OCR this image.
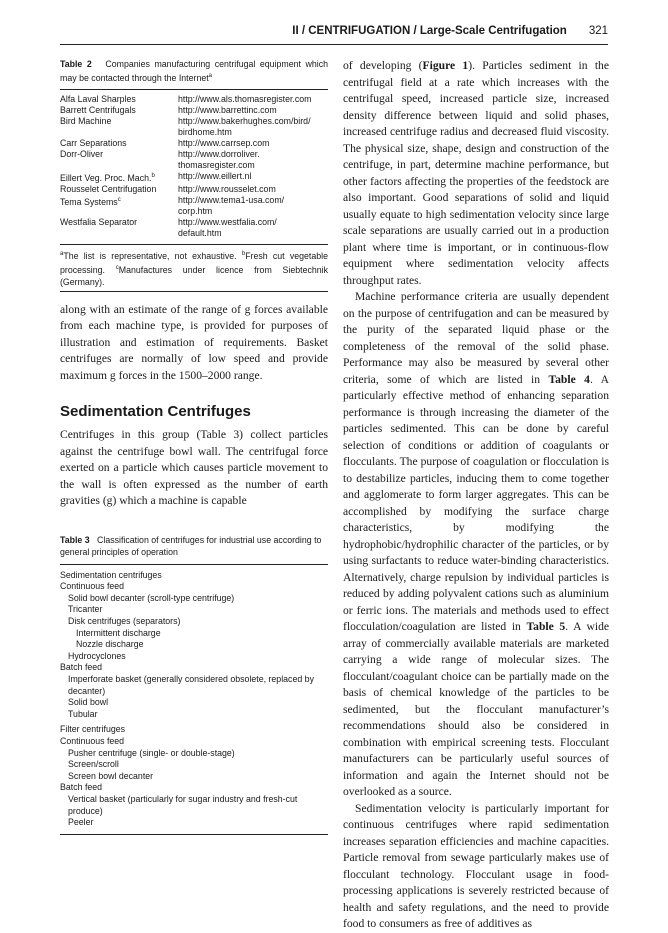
II / CENTRIFUGATION / Large-Scale Centrifugation 321

Table 2 Companies manufacturing centrifugal equipment which may be contacted through the Internet$^a$

Alfa Laval Sharples	http://www.als.thomasregister.com

Barrett Centrifugals	http://www.barrettinc.com

Bird Machine	http://www.bakerhughes.com/bird/
birdhome.htm

Carr Separations	http://www.carrsep.com

Dorr-Oliver	http://www.dorroliver.
thomasregister.com

Eillert Veg. Proc. Mach.$^b$	http://www.eillert.nl

Rousselet Centrifugation	http://www.rousselet.com

Tema Systems$^c$	http://www.tema1-usa.com/
corp.htm

Westfalia Separator	http://www.westfalia.com/
default.htm

$^a$The list is representative, not exhaustive. $^b$Fresh cut vegetable processing. $^c$Manufactures under licence from Siebtechnik (Germany).

along with an estimate of the range of g forces available from each machine type, is provided for purposes of illustration and estimation of requirements. Basket centrifuges are normally of low speed and provide maximum g forces in the 1500–2000 range.

Sedimentation Centrifuges

Centrifuges in this group (Table 3) collect particles against the centrifuge bowl wall. The centrifugal force exerted on a particle which causes particle movement to the wall is often expressed as the number of earth gravities (g) which a machine is capable

Table 3 Classification of centrifuges for industrial use according to general principles of operation

Sedimentation centrifuges
Continuous feed
Solid bowl decanter (scroll-type centrifuge)
Tricanter
Disk centrifuges (separators)
Intermittent discharge
Nozzle discharge
Hydrocyclones
Batch feed
Imperforate basket (generally considered obsolete, replaced by
decanter)
Solid bowl
Tubular
Filter centrifuges
Continuous feed
Pusher centrifuge (single- or double-stage)
Screen/scroll
Screen bowl decanter
Batch feed
Vertical basket (particularly for sugar industry and fresh-cut
produce)
Peeler

of developing (Figure 1). Particles sediment in the centrifugal field at a rate which increases with the centrifugal speed, increased particle size, increased density difference between liquid and solid phases, increased centrifuge radius and decreased fluid viscosity. The physical size, shape, design and construction of the centrifuge, in part, determine machine performance, but other factors affecting the properties of the feedstock are also important. Good separations of solid and liquid usually equate to high sedimentation velocity since large scale separations are usually carried out in a production plant where time is important, or in continuous-flow equipment where sedimentation velocity affects throughput rates.

Machine performance criteria are usually dependent on the purpose of centrifugation and can be measured by the purity of the separated liquid phase or the completeness of the removal of the solid phase. Performance may also be measured by several other criteria, some of which are listed in Table 4. A particularly effective method of enhancing separation performance is through increasing the diameter of the particles sedimented. This can be done by careful selection of conditions or addition of coagulants or flocculants. The purpose of coagulation or flocculation is to destabilize particles, inducing them to come together and agglomerate to form larger aggregates. This can be accomplished by modifying the surface charge characteristics, by modifying the hydrophobic/hydrophilic character of the particles, or by using surfactants to reduce water-binding characteristics. Alternatively, charge repulsion by individual particles is reduced by adding polyvalent cations such as aluminium or ferric ions. The materials and methods used to effect flocculation/coagulation are listed in Table 5. A wide array of commercially available materials are marketed carrying a wide range of molecular sizes. The flocculant/coagulant choice can be partially made on the basis of chemical knowledge of the particles to be sedimented, but the flocculant manufacturer’s recommendations should also be considered in combination with empirical screening tests. Flocculant manufacturers can be particularly useful sources of information and again the Internet should not be overlooked as a source.

Sedimentation velocity is particularly important for continuous centrifuges where rapid sedimentation increases separation efficiencies and machine capacities. Particle removal from sewage particularly makes use of flocculant technology. Flocculant usage in food-processing applications is severely restricted because of health and safety regulations, and the need to provide food to consumers as free of additives as
